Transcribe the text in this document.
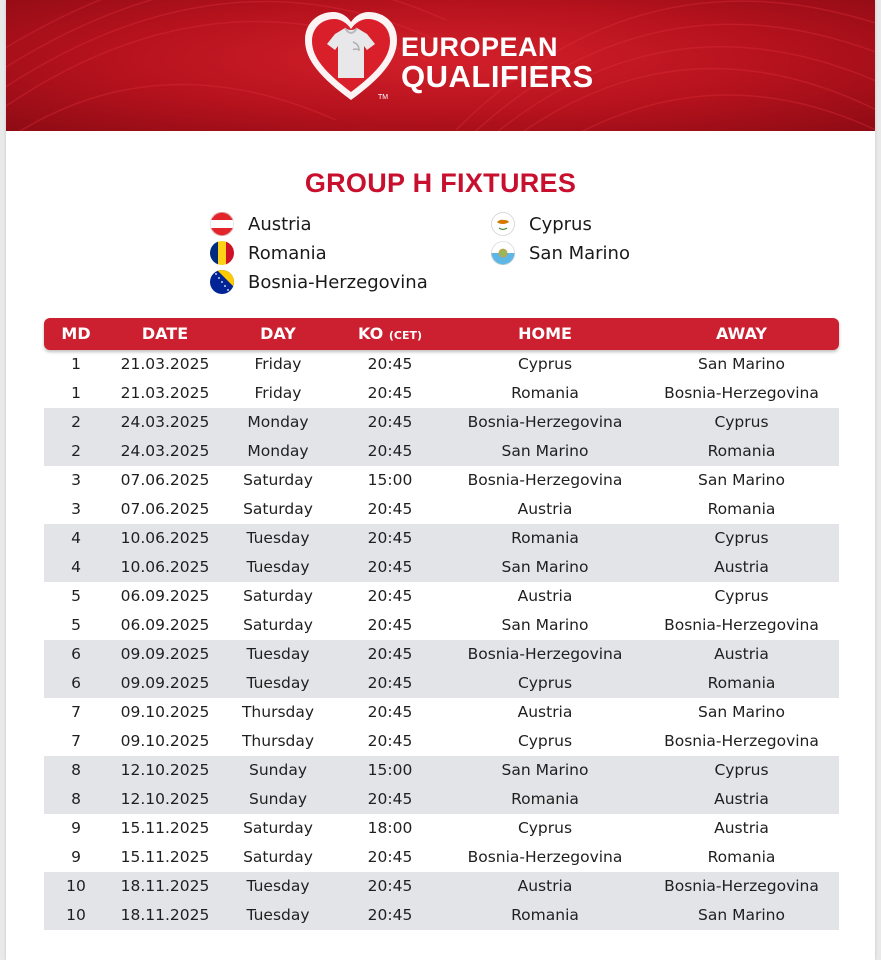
TM
EUROPEAN
QUALIFIERS
GROUP H FIXTURES
Austria	Cyprus
Romania	San Marino
Bosnia-Herzegovina
MD	DATE	DAY	KO (CET)	HOME	AWAY
1	21.03.2025	Friday	20:45	Cyprus	San Marino
1	21.03.2025	Friday	20:45	Romania	Bosnia-Herzegovina
2	24.03.2025	Monday	20:45	Bosnia-Herzegovina	Cyprus
2	24.03.2025	Monday	20:45	San Marino	Romania
3	07.06.2025	Saturday	15:00	Bosnia-Herzegovina	San Marino
3	07.06.2025	Saturday	20:45	Austria	Romania
4	10.06.2025	Tuesday	20:45	Romania	Cyprus
4	10.06.2025	Tuesday	20:45	San Marino	Austria
5	06.09.2025	Saturday	20:45	Austria	Cyprus
5	06.09.2025	Saturday	20:45	San Marino	Bosnia-Herzegovina
6	09.09.2025	Tuesday	20:45	Bosnia-Herzegovina	Austria
6	09.09.2025	Tuesday	20:45	Cyprus	Romania
7	09.10.2025	Thursday	20:45	Austria	San Marino
7	09.10.2025	Thursday	20:45	Cyprus	Bosnia-Herzegovina
8	12.10.2025	Sunday	15:00	San Marino	Cyprus
8	12.10.2025	Sunday	20:45	Romania	Austria
9	15.11.2025	Saturday	18:00	Cyprus	Austria
9	15.11.2025	Saturday	20:45	Bosnia-Herzegovina	Romania
10	18.11.2025	Tuesday	20:45	Austria	Bosnia-Herzegovina
10	18.11.2025	Tuesday	20:45	Romania	San Marino
